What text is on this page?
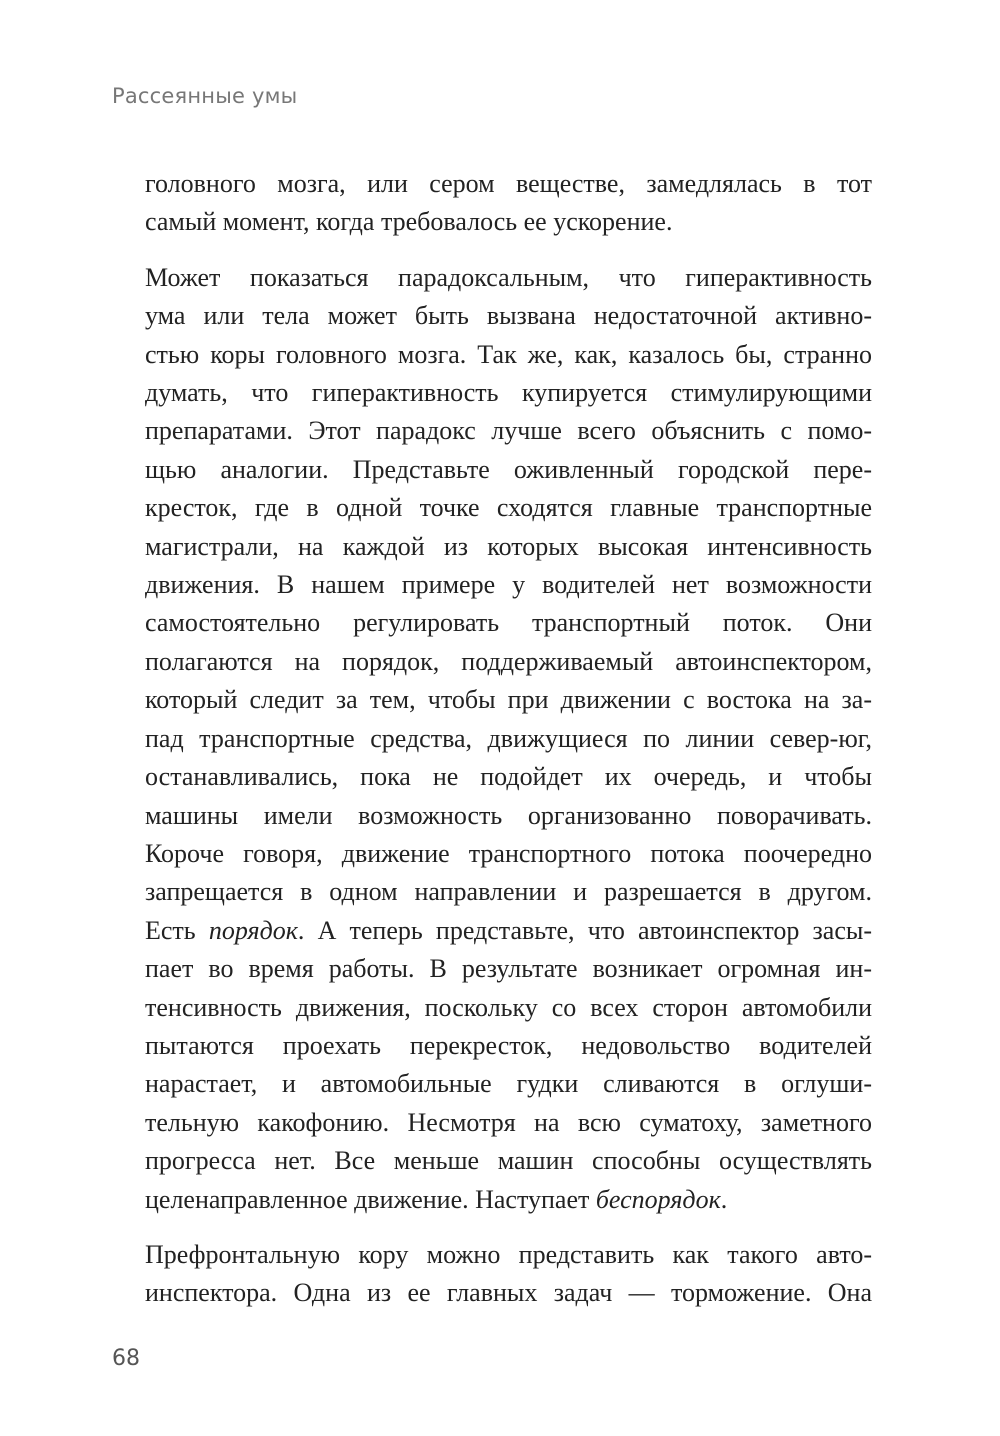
Рассеянные умы
головного мозга, или сером веществе, замедлялась в тот
самый момент, когда требовалось ее ускорение.
Может показаться парадоксальным, что гиперактивность
ума или тела может быть вызвана недостаточной активно-
стью коры головного мозга. Так же, как, казалось бы, странно
думать, что гиперактивность купируется стимулирующими
препаратами. Этот парадокс лучше всего объяснить с помо-
щью аналогии. Представьте оживленный городской пере-
кресток, где в одной точке сходятся главные транспортные
магистрали, на каждой из которых высокая интенсивность
движения. В нашем примере у водителей нет возможности
самостоятельно регулировать транспортный поток. Они
полагаются на порядок, поддерживаемый автоинспектором,
который следит за тем, чтобы при движении с востока на за-
пад транспортные средства, движущиеся по линии север-юг,
останавливались, пока не подойдет их очередь, и чтобы
машины имели возможность организованно поворачивать.
Короче говоря, движение транспортного потока поочередно
запрещается в одном направлении и разрешается в другом.
Есть порядок. А теперь представьте, что автоинспектор засы-
пает во время работы. В результате возникает огромная ин-
тенсивность движения, поскольку со всех сторон автомобили
пытаются проехать перекресток, недовольство водителей
нарастает, и автомобильные гудки сливаются в оглуши-
тельную какофонию. Несмотря на всю суматоху, заметного
прогресса нет. Все меньше машин способны осуществлять
целенаправленное движение. Наступает беспорядок.
Префронтальную кору можно представить как такого авто-
инспектора. Одна из ее главных задач — торможение. Она
68
